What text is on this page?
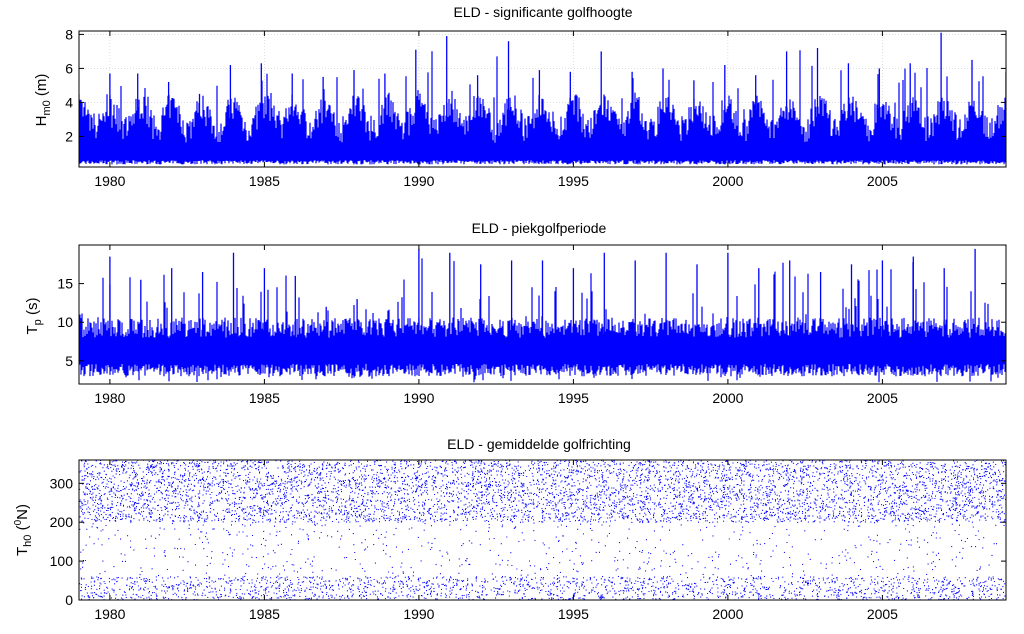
ELD - significante golfhoogte
$H_{m0}$ (m)
1980	1985	1990	1995	2000	2005
2
4
6
8
ELD - piekgolfperiode
$T_p$ (s)
1980	1985	1990	1995	2000	2005
5
10
15
ELD - gemiddelde golfrichting
$T_{h0}$ ($^0$N)
1980	1985	1990	1995	2000	2005
0
100
200
300
